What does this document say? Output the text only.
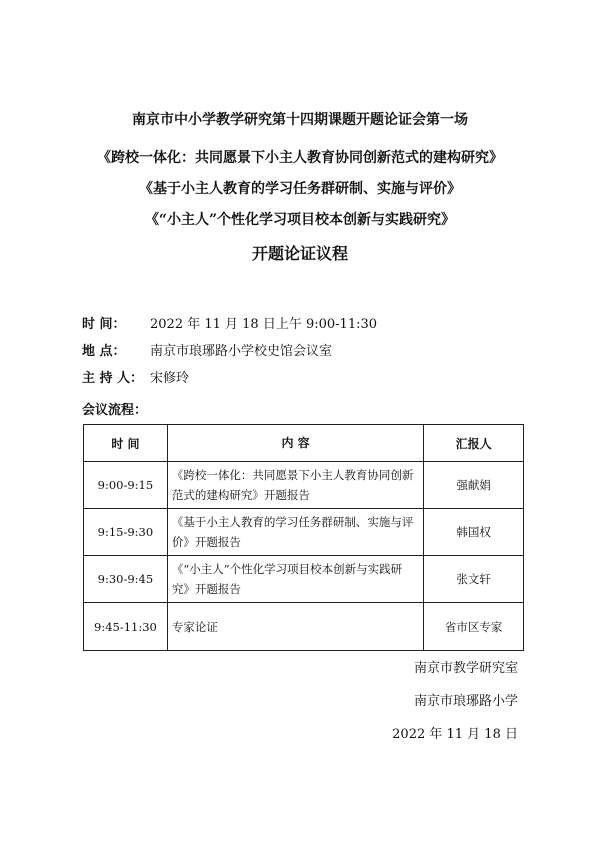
南京市中小学教学研究第十四期课题开题论证会第一场
《跨校一体化：共同愿景下小主人教育协同创新范式的建构研究》
《基于小主人教育的学习任务群研制、实施与评价》
《“小主人”个性化学习项目校本创新与实践研究》
开题论证议程
时 间： 2022 年 11 月 18 日上午 9:00-11:30
地 点： 南京市琅琊路小学校史馆会议室
主 持 人： 宋修玲
会议流程：
时 间	内 容	汇报人
9:00-9:15	《跨校一体化：共同愿景下小主人教育协同创新范式的建构研究》开题报告	强献娟
9:15-9:30	《基于小主人教育的学习任务群研制、实施与评价》开题报告	韩国权
9:30-9:45	《“小主人”个性化学习项目校本创新与实践研究》开题报告	张文轩
9:45-11:30	专家论证	省市区专家
南京市教学研究室
南京市琅琊路小学
2022 年 11 月 18 日
